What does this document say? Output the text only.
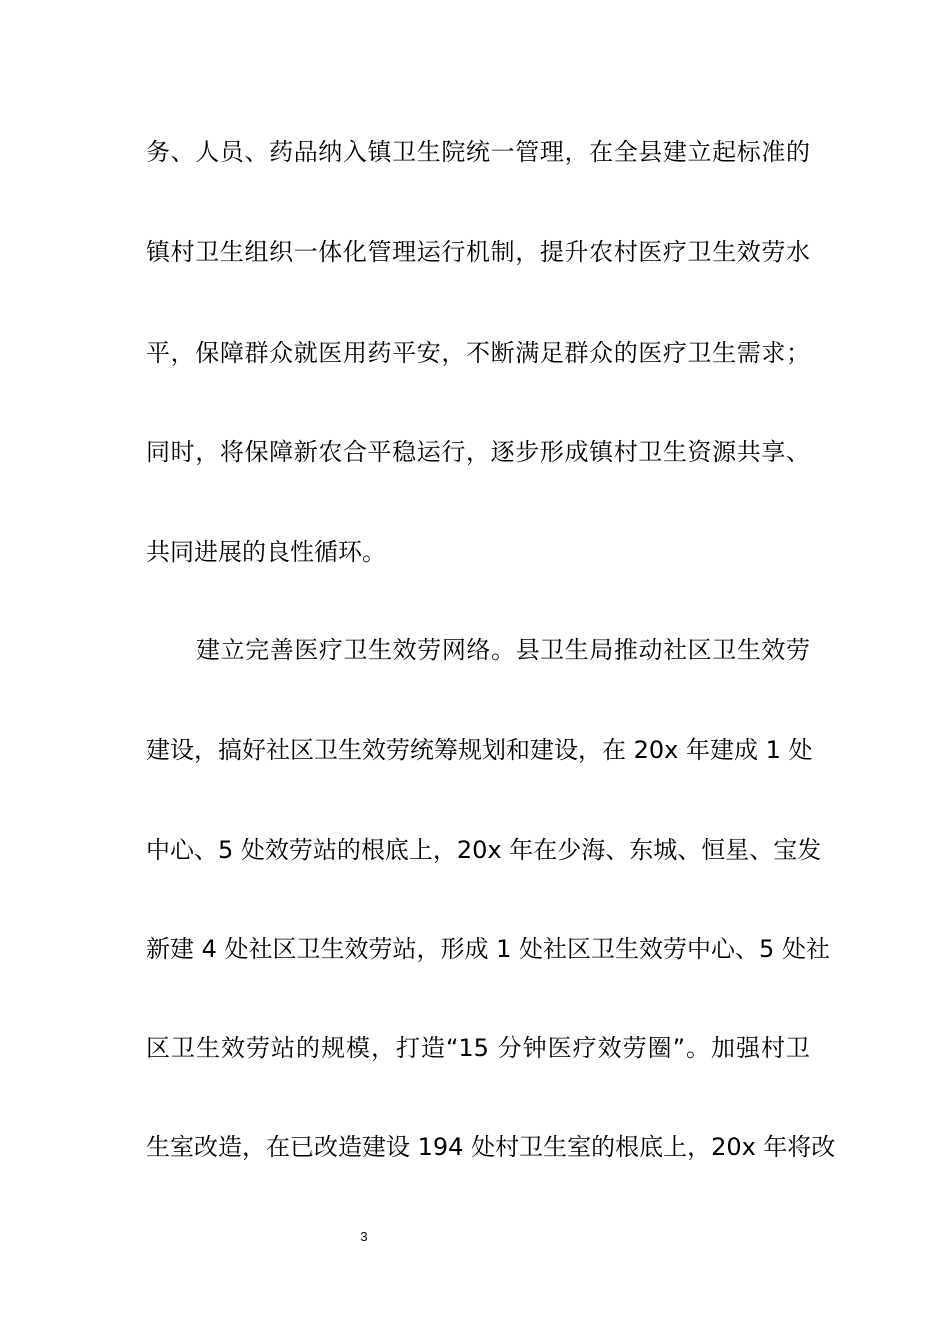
务、人员、药品纳入镇卫生院统一管理，在全县建立起标准的
镇村卫生组织一体化管理运行机制，提升农村医疗卫生效劳水
平，保障群众就医用药平安，不断满足群众的医疗卫生需求；
同时，将保障新农合平稳运行，逐步形成镇村卫生资源共享、
共同进展的良性循环。
建立完善医疗卫生效劳网络。县卫生局推动社区卫生效劳
建设，搞好社区卫生效劳统筹规划和建设，在 20x 年建成 1 处
中心、5 处效劳站的根底上，20x 年在少海、东城、恒星、宝发
新建 4 处社区卫生效劳站，形成 1 处社区卫生效劳中心、5 处社
区卫生效劳站的规模，打造“15 分钟医疗效劳圈”。加强村卫
生室改造，在已改造建设 194 处村卫生室的根底上，20x 年将改
3
